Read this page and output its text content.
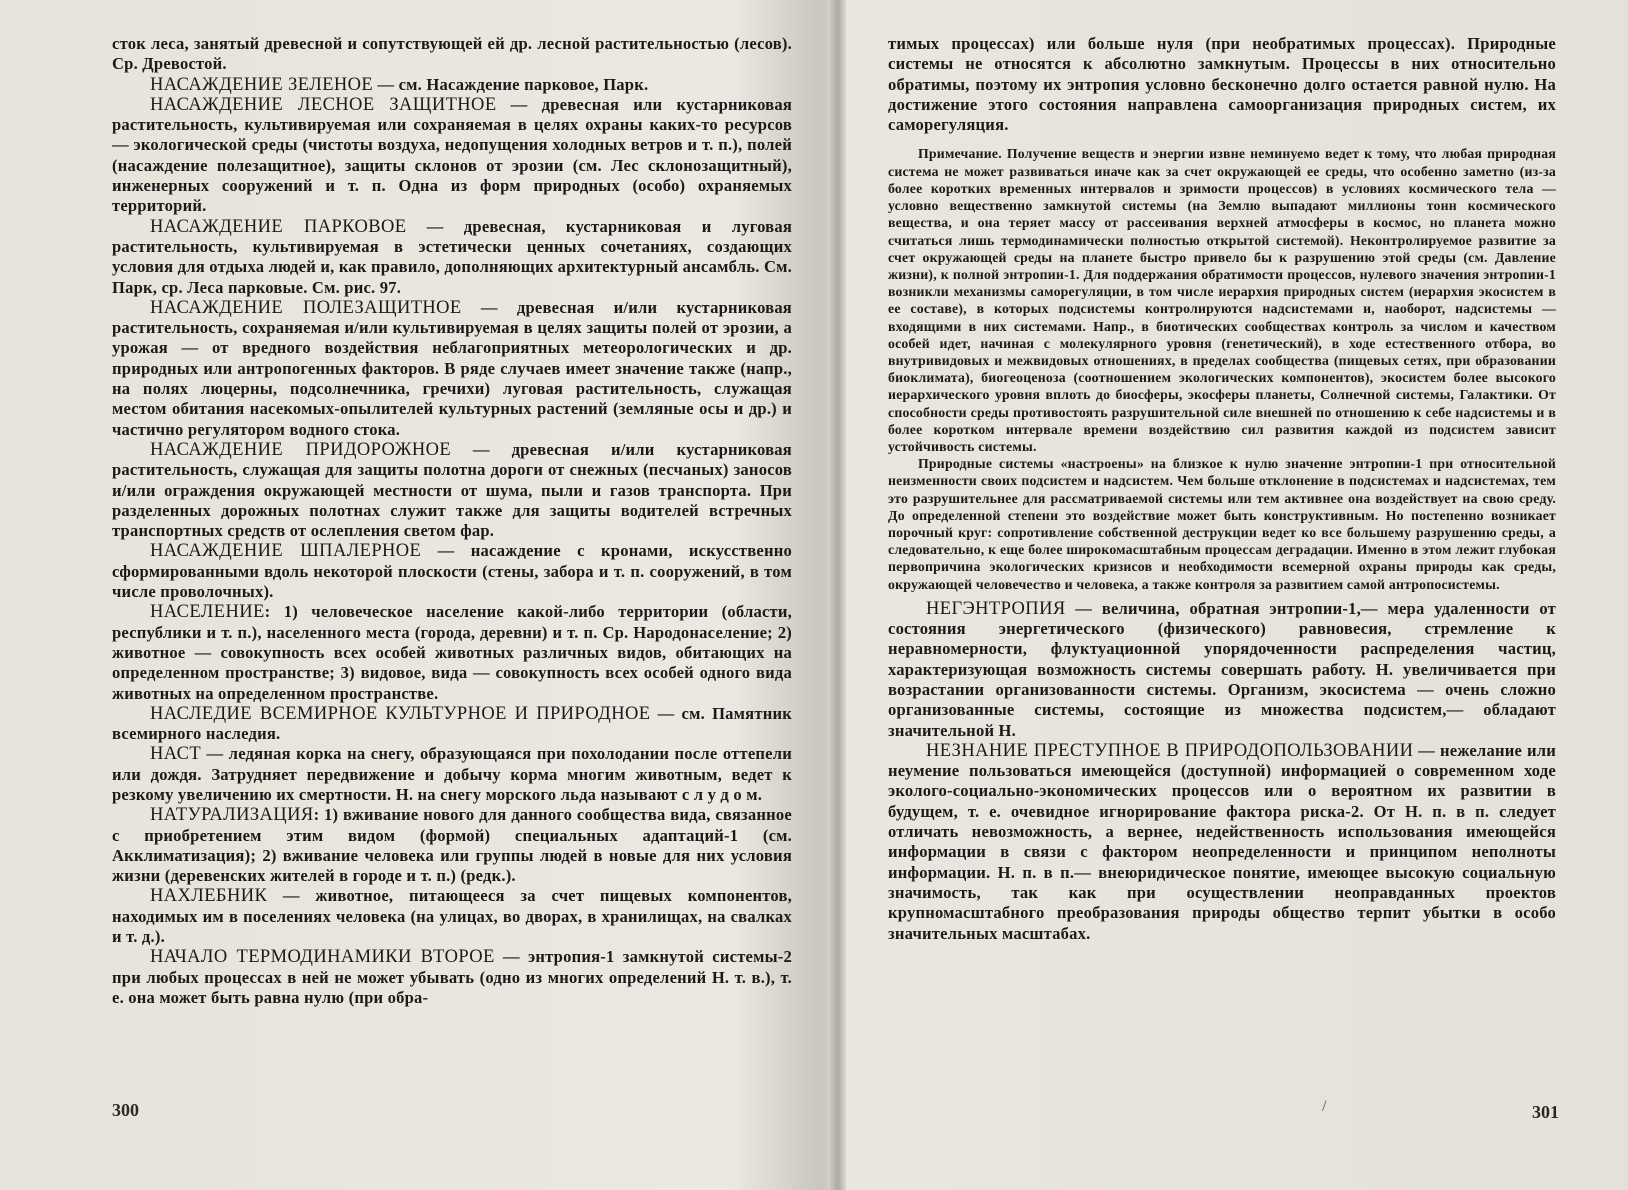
сток леса, занятый древесной и сопутствующей ей др. лесной растительностью (лесов). Ср. Древостой.

НАСАЖДЕНИЕ ЗЕЛЕНОЕ — см. Насаждение парковое, Парк.

НАСАЖДЕНИЕ ЛЕСНОЕ ЗАЩИТНОЕ — древесная или кустарниковая растительность, культивируемая или сохраняемая в целях охраны каких-то ресурсов — экологической среды (чистоты воздуха, недопущения холодных ветров и т. п.), полей (насаждение полезащитное), защиты склонов от эрозии (см. Лес склонозащитный), инженерных сооружений и т. п. Одна из форм природных (особо) охраняемых территорий.

НАСАЖДЕНИЕ ПАРКОВОЕ — древесная, кустарниковая и луговая растительность, культивируемая в эстетически ценных сочетаниях, создающих условия для отдыха людей и, как правило, дополняющих архитектурный ансамбль. См. Парк, ср. Леса парковые. См. рис. 97.

НАСАЖДЕНИЕ ПОЛЕЗАЩИТНОЕ — древесная и/или кустарниковая растительность, сохраняемая и/или культивируемая в целях защиты полей от эрозии, а урожая — от вредного воздействия неблагоприятных метеорологических и др. природных или антропогенных факторов. В ряде случаев имеет значение также (напр., на полях люцерны, подсолнечника, гречихи) луговая растительность, служащая местом обитания насекомых-опылителей культурных растений (земляные осы и др.) и частично регулятором водного стока.

НАСАЖДЕНИЕ ПРИДОРОЖНОЕ — древесная и/или кустарниковая растительность, служащая для защиты полотна дороги от снежных (песчаных) заносов и/или ограждения окружающей местности от шума, пыли и газов транспорта. При разделенных дорожных полотнах служит также для защиты водителей встречных транспортных средств от ослепления светом фар.

НАСАЖДЕНИЕ ШПАЛЕРНОЕ — насаждение с кронами, искусственно сформированными вдоль некоторой плоскости (стены, забора и т. п. сооружений, в том числе проволочных).

НАСЕЛЕНИЕ: 1) человеческое население какой-либо территории (области, республики и т. п.), населенного места (города, деревни) и т. п. Ср. Народонаселение; 2) животное — совокупность всех особей животных различных видов, обитающих на определенном пространстве; 3) видовое, вида — совокупность всех особей одного вида животных на определенном пространстве.

НАСЛЕДИЕ ВСЕМИРНОЕ КУЛЬТУРНОЕ И ПРИРОДНОЕ — см. Памятник всемирного наследия.

НАСТ — ледяная корка на снегу, образующаяся при похолодании после оттепели или дождя. Затрудняет передвижение и добычу корма многим животным, ведет к резкому увеличению их смертности. Н. на снегу морского льда называют с л у д о м.

НАТУРАЛИЗАЦИЯ: 1) вживание нового для данного сообщества вида, связанное с приобретением этим видом (формой) специальных адаптаций-1 (см. Акклиматизация); 2) вживание человека или группы людей в новые для них условия жизни (деревенских жителей в городе и т. п.) (редк.).

НАХЛЕБНИК — животное, питающееся за счет пищевых компонентов, находимых им в поселениях человека (на улицах, во дворах, в хранилищах, на свалках и т. д.).

НАЧАЛО ТЕРМОДИНАМИКИ ВТОРОЕ — энтропия-1 замкнутой системы-2 при любых процессах в ней не может убывать (одно из многих определений Н. т. в.), т. е. она может быть равна нулю (при обра-

тимых процессах) или больше нуля (при необратимых процессах). Природные системы не относятся к абсолютно замкнутым. Процессы в них относительно обратимы, поэтому их энтропия условно бесконечно долго остается равной нулю. На достижение этого состояния направлена самоорганизация природных систем, их саморегуляция.

Примечание. Получение веществ и энергии извне неминуемо ведет к тому, что любая природная система не может развиваться иначе как за счет окружающей ее среды, что особенно заметно (из-за более коротких временных интервалов и зримости процессов) в условиях космического тела — условно вещественно замкнутой системы (на Землю выпадают миллионы тонн космического вещества, и она теряет массу от рассеивания верхней атмосферы в космос, но планета можно считаться лишь термодинамически полностью открытой системой). Неконтролируемое развитие за счет окружающей среды на планете быстро привело бы к разрушению этой среды (см. Давление жизни), к полной энтропии-1. Для поддержания обратимости процессов, нулевого значения энтропии-1 возникли механизмы саморегуляции, в том числе иерархия природных систем (иерархия экосистем в ее составе), в которых подсистемы контролируются надсистемами и, наоборот, надсистемы — входящими в них системами. Напр., в биотических сообществах контроль за числом и качеством особей идет, начиная с молекулярного уровня (генетический), в ходе естественного отбора, во внутривидовых и межвидовых отношениях, в пределах сообщества (пищевых сетях, при образовании биоклимата), биогеоценоза (соотношением экологических компонентов), экосистем более высокого иерархического уровня вплоть до биосферы, экосферы планеты, Солнечной системы, Галактики. От способности среды противостоять разрушительной силе внешней по отношению к себе надсистемы и в более коротком интервале времени воздействию сил развития каждой из подсистем зависит устойчивость системы.

Природные системы «настроены» на близкое к нулю значение энтропии-1 при относительной неизменности своих подсистем и надсистем. Чем больше отклонение в подсистемах и надсистемах, тем это разрушительнее для рассматриваемой системы или тем активнее она воздействует на свою среду. До определенной степени это воздействие может быть конструктивным. Но постепенно возникает порочный круг: сопротивление собственной деструкции ведет ко все большему разрушению среды, а следовательно, к еще более широкомасштабным процессам деградации. Именно в этом лежит глубокая первопричина экологических кризисов и необходимости всемерной охраны природы как среды, окружающей человечество и человека, а также контроля за развитием самой антропосистемы.

НЕГЭНТРОПИЯ — величина, обратная энтропии-1,— мера удаленности от состояния энергетического (физического) равновесия, стремление к неравномерности, флуктуационной упорядоченности распределения частиц, характеризующая возможность системы совершать работу. Н. увеличивается при возрастании организованности системы. Организм, экосистема — очень сложно организованные системы, состоящие из множества подсистем,— обладают значительной Н.

НЕЗНАНИЕ ПРЕСТУПНОЕ В ПРИРОДОПОЛЬЗОВАНИИ — нежелание или неумение пользоваться имеющейся (доступной) информацией о современном ходе эколого-социально-экономических процессов или о вероятном их развитии в будущем, т. е. очевидное игнорирование фактора риска-2. От Н. п. в п. следует отличать невозможность, а вернее, недейственность использования имеющейся информации в связи с фактором неопределенности и принципом неполноты информации. Н. п. в п.— внеюридическое понятие, имеющее высокую социальную значимость, так как при осуществлении неоправданных проектов крупномасштабного преобразования природы общество терпит убытки в особо значительных масштабах.

300	/	301
